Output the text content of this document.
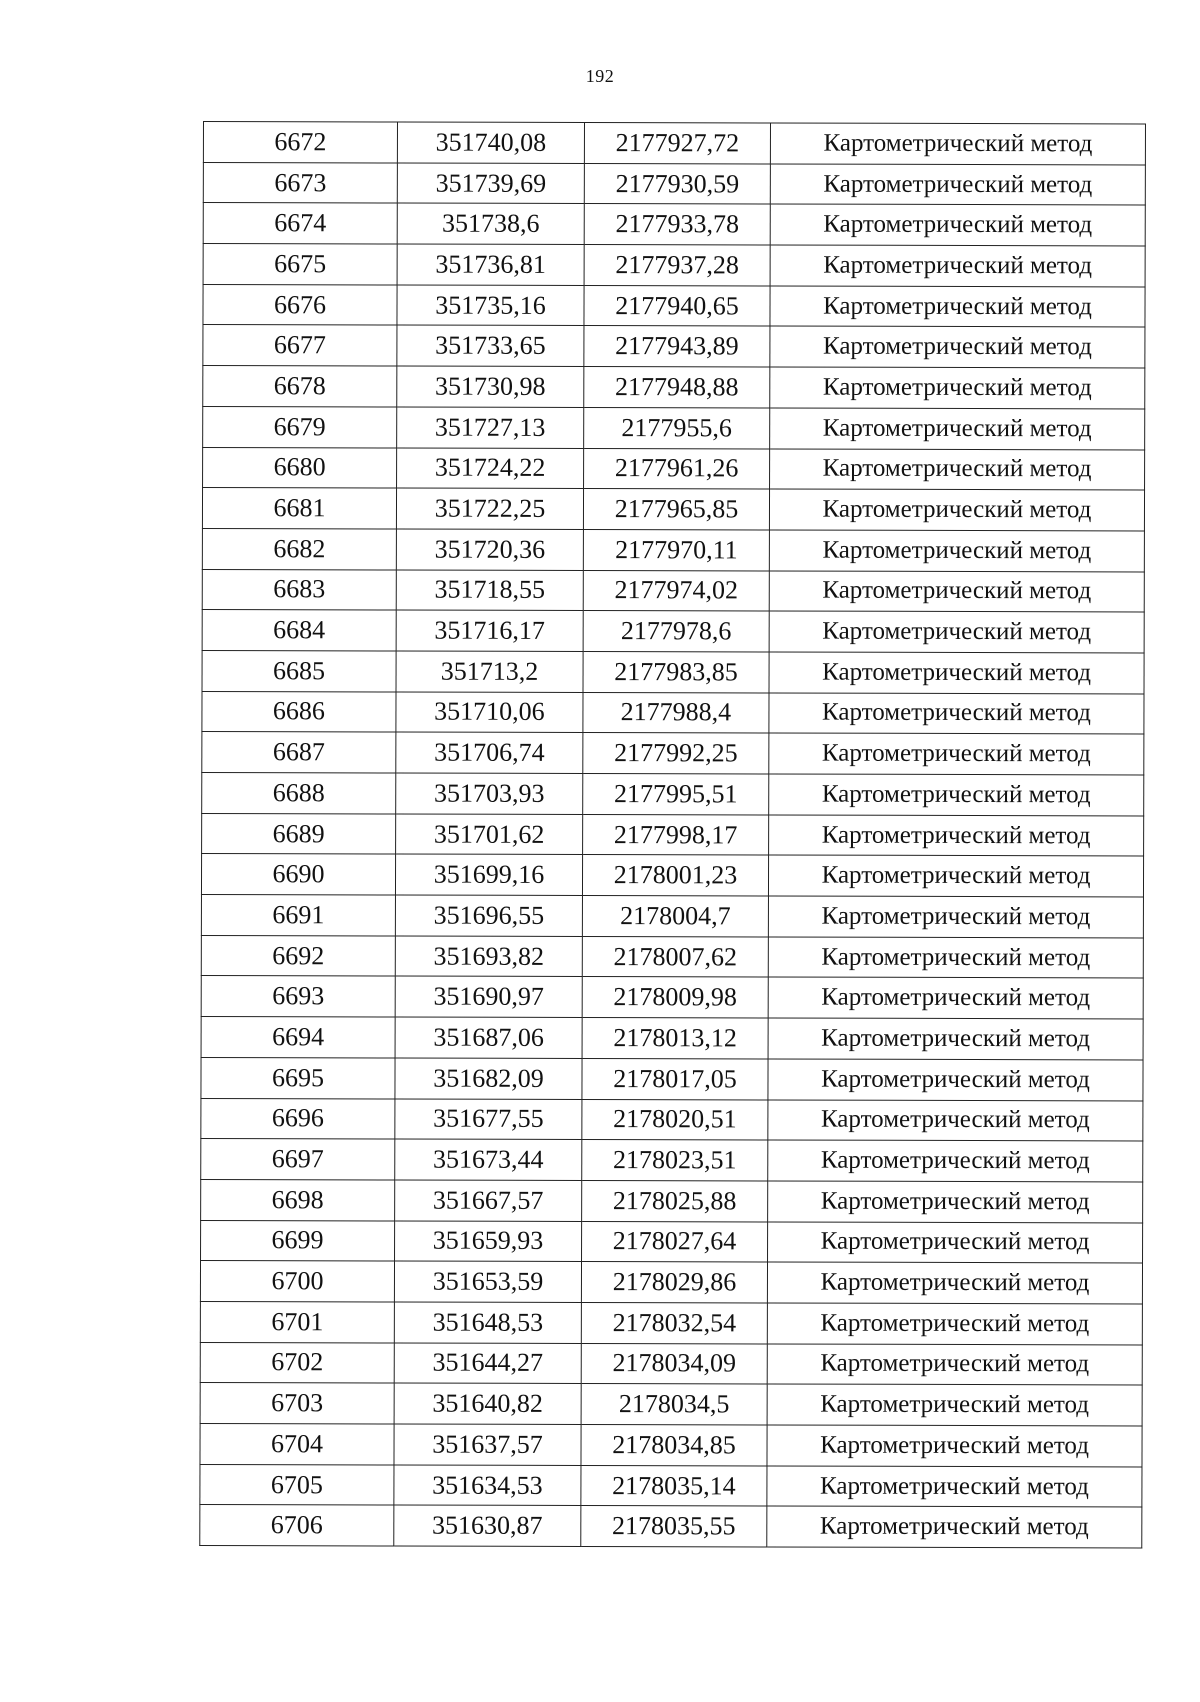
192
6672	351740,08	2177927,72	Картометрический метод
6673	351739,69	2177930,59	Картометрический метод
6674	351738,6	2177933,78	Картометрический метод
6675	351736,81	2177937,28	Картометрический метод
6676	351735,16	2177940,65	Картометрический метод
6677	351733,65	2177943,89	Картометрический метод
6678	351730,98	2177948,88	Картометрический метод
6679	351727,13	2177955,6	Картометрический метод
6680	351724,22	2177961,26	Картометрический метод
6681	351722,25	2177965,85	Картометрический метод
6682	351720,36	2177970,11	Картометрический метод
6683	351718,55	2177974,02	Картометрический метод
6684	351716,17	2177978,6	Картометрический метод
6685	351713,2	2177983,85	Картометрический метод
6686	351710,06	2177988,4	Картометрический метод
6687	351706,74	2177992,25	Картометрический метод
6688	351703,93	2177995,51	Картометрический метод
6689	351701,62	2177998,17	Картометрический метод
6690	351699,16	2178001,23	Картометрический метод
6691	351696,55	2178004,7	Картометрический метод
6692	351693,82	2178007,62	Картометрический метод
6693	351690,97	2178009,98	Картометрический метод
6694	351687,06	2178013,12	Картометрический метод
6695	351682,09	2178017,05	Картометрический метод
6696	351677,55	2178020,51	Картометрический метод
6697	351673,44	2178023,51	Картометрический метод
6698	351667,57	2178025,88	Картометрический метод
6699	351659,93	2178027,64	Картометрический метод
6700	351653,59	2178029,86	Картометрический метод
6701	351648,53	2178032,54	Картометрический метод
6702	351644,27	2178034,09	Картометрический метод
6703	351640,82	2178034,5	Картометрический метод
6704	351637,57	2178034,85	Картометрический метод
6705	351634,53	2178035,14	Картометрический метод
6706	351630,87	2178035,55	Картометрический метод
